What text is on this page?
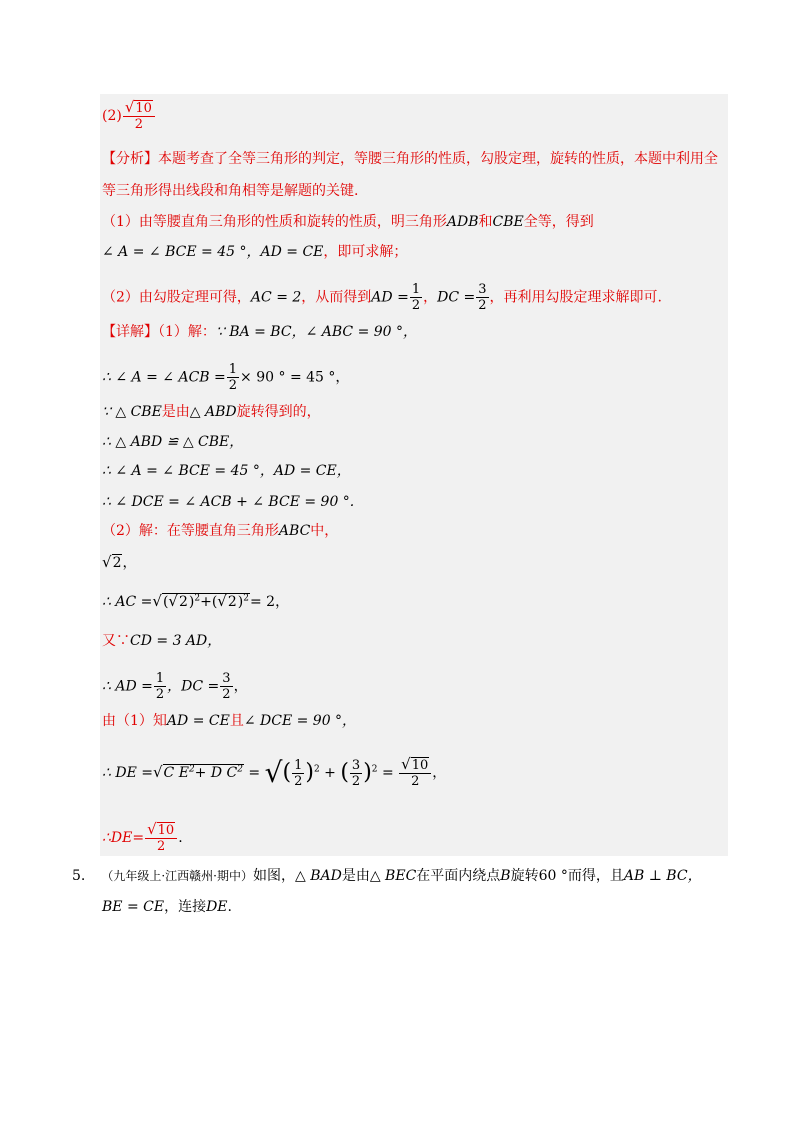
$(2) \frac{√10}{2}$
【分析】本题考查了全等三角形的判定，等腰三角形的性质，勾股定理，旋转的性质，本题中利用全
等三角形得出线段和角相等是解题的关键.
（1）由等腰直角三角形的性质和旋转的性质，明三角形ADB和CBE全等，得到
∠ A = ∠ BCE = 45 °，AD = CE，即可求解；
（2）由勾股定理可得，AC = 2，从而得到AD = $\frac{1}{2}$ ，DC = $\frac{3}{2}$ ，再利用勾股定理求解即可.
【详解】（1）解：∵ BA = BC，∠ ABC = 90 °，
∴ ∠ A = ∠ ACB = $\frac{1}{2} \times 90$ ° = 45 °，
∵ △ CBE是由△ ABD旋转得到的，
∴ △ ABD ≌ △ CBE，
∴ ∠ A = ∠ BCE = 45 °，AD = CE，
∴ ∠ DCE = ∠ ACB + ∠ BCE = 90 °.
（2）解：在等腰直角三角形ABC中，
√2，
∴ AC $=√(√2)^2+(√2)^2= 2$，
又∵CD = 3 AD，
∴ AD = $\frac{1}{2}$ ，DC = $\frac{3}{2}$ ，
由（1）知AD = CE且∠ DCE = 90 °，
∴ DE =√C $E^2+ D$ $C^2$ = √( $\frac{1}{2} )^2$ + ( $\frac{3}{2} )^2 = \frac{√10}{2}$ ，
∴DE= $\frac{√10}{2}$ .
5. （九年级上·江西赣州·期中）如图，△ BAD是由△ BEC在平面内绕点B旋转60 °而得，且AB ⊥ BC，
BE = CE，连接DE.
